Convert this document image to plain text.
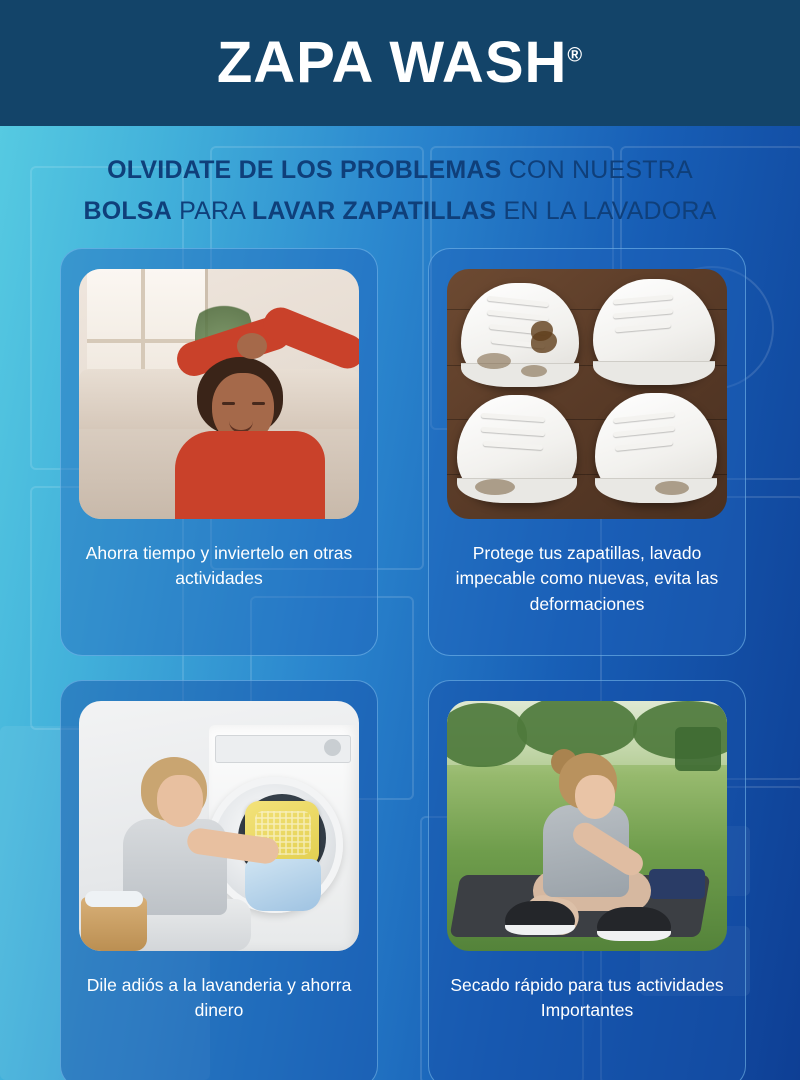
ZAPA WASH®
OLVIDATE DE LOS PROBLEMAS CON NUESTRA
BOLSA PARA LAVAR ZAPATILLAS EN LA LAVADORA
Ahorra tiempo y inviertelo en otras actividades
Protege tus zapatillas, lavado impecable como nuevas, evita las deformaciones
Dile adiós a la lavanderia y ahorra dinero
Secado rápido para tus actividades Importantes
